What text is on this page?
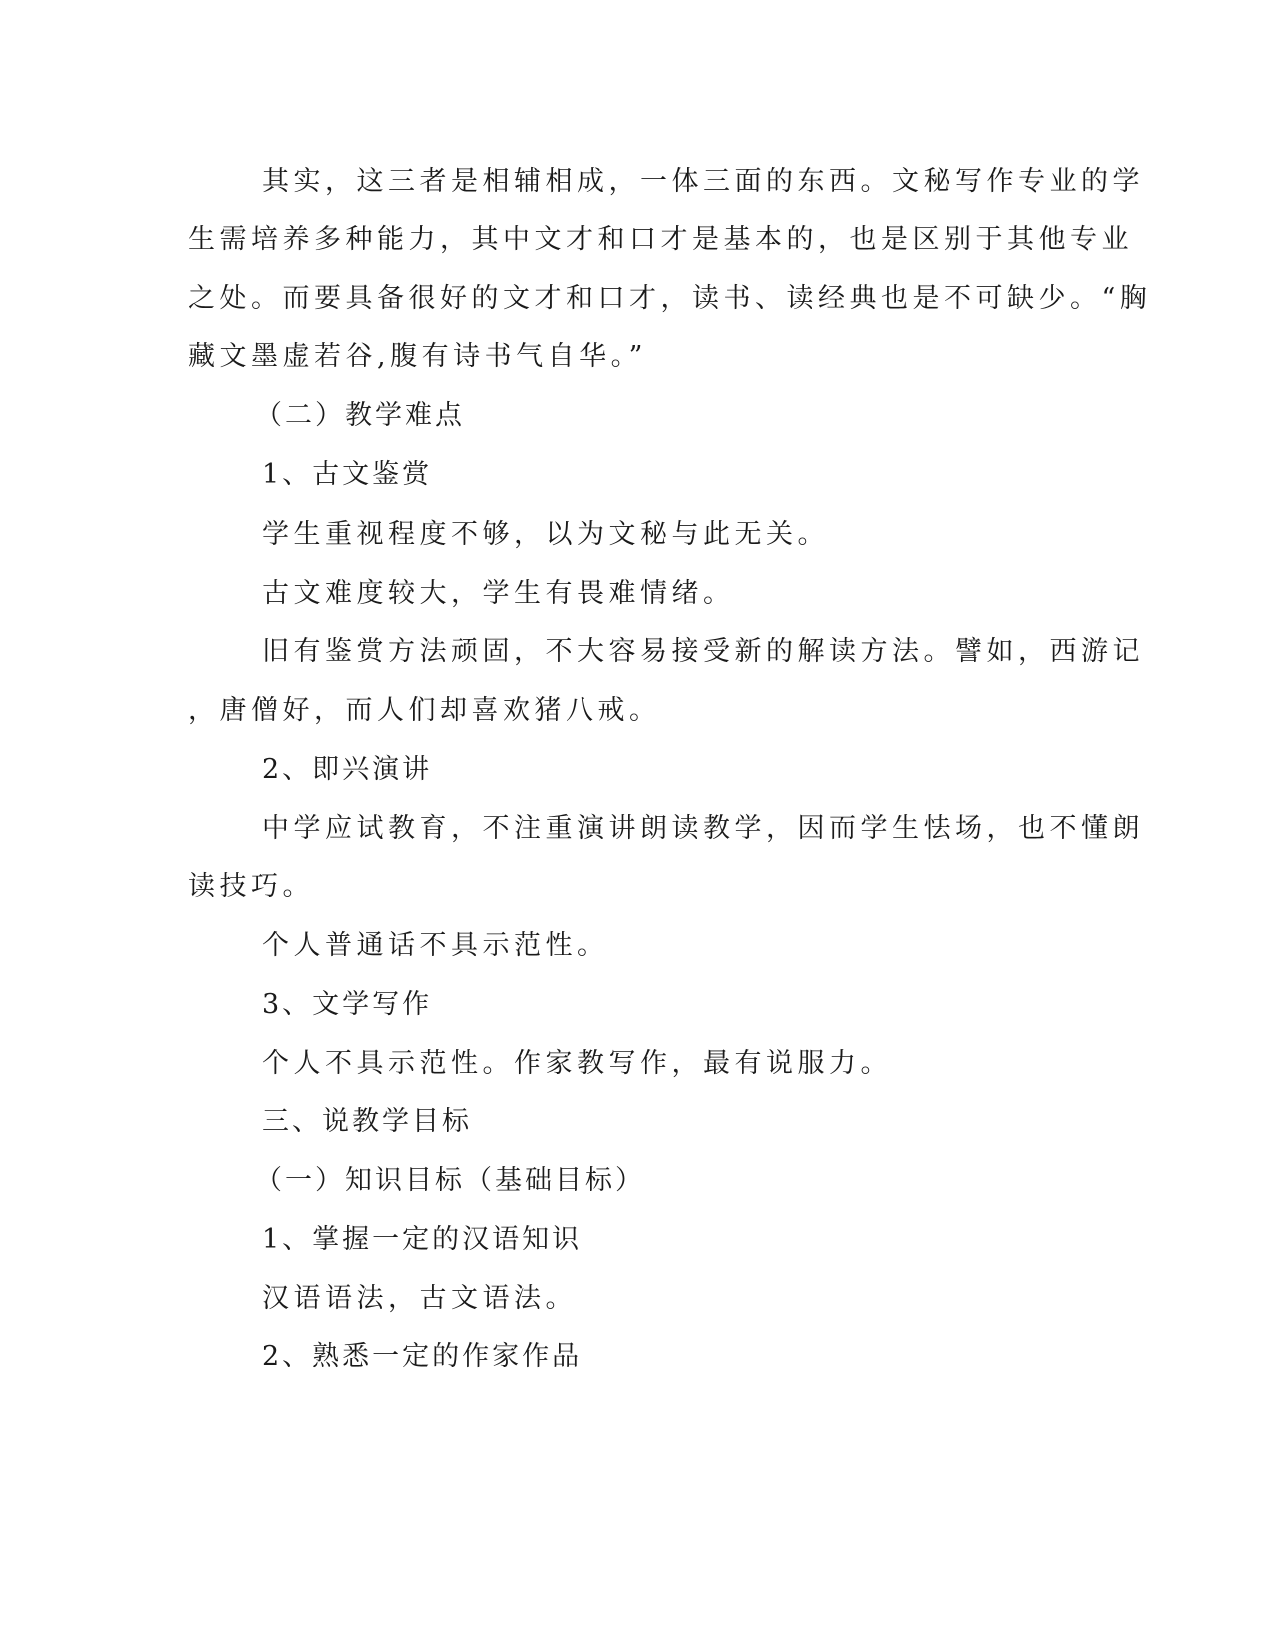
其实，这三者是相辅相成，一体三面的东西。文秘写作专业的学
生需培养多种能力，其中文才和口才是基本的，也是区别于其他专业
之处。而要具备很好的文才和口才，读书、读经典也是不可缺少。“胸
藏文墨虚若谷,腹有诗书气自华。”
（二）教学难点
1、古文鉴赏
学生重视程度不够，以为文秘与此无关。
古文难度较大，学生有畏难情绪。
旧有鉴赏方法顽固，不大容易接受新的解读方法。譬如，西游记
，唐僧好，而人们却喜欢猪八戒。
2、即兴演讲
中学应试教育，不注重演讲朗读教学，因而学生怯场，也不懂朗
读技巧。
个人普通话不具示范性。
3、文学写作
个人不具示范性。作家教写作，最有说服力。
三、说教学目标
（一）知识目标（基础目标）
1、掌握一定的汉语知识
汉语语法，古文语法。
2、熟悉一定的作家作品
